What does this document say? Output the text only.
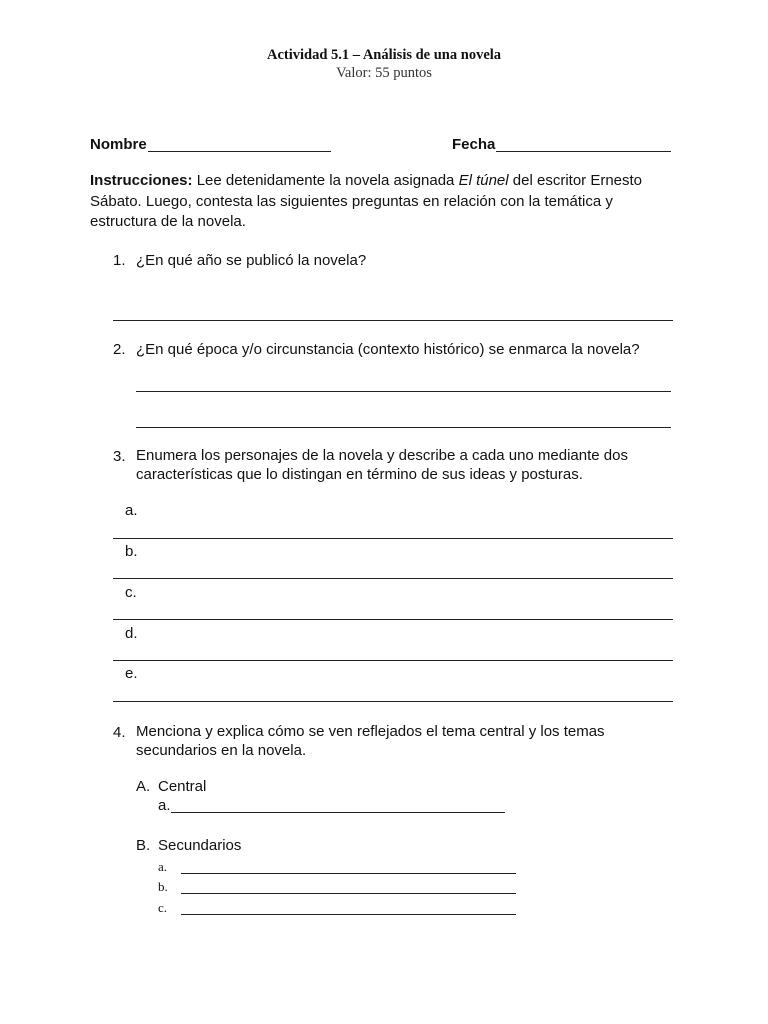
Actividad 5.1 – Análisis de una novela
Valor: 55 puntos
Nombre	Fecha
Instrucciones: Lee detenidamente la novela asignada El túnel del escritor Ernesto
Sábato. Luego, contesta las siguientes preguntas en relación con la temática y
estructura de la novela.
1. ¿En qué año se publicó la novela?
2. ¿En qué época y/o circunstancia (contexto histórico) se enmarca la novela?
3. Enumera los personajes de la novela y describe a cada uno mediante dos
características que lo distingan en término de sus ideas y posturas.
a.
b.
c.
d.
e.
4. Menciona y explica cómo se ven reflejados el tema central y los temas
secundarios en la novela.
A. Central
a.
B. Secundarios
a.
b.
c.
